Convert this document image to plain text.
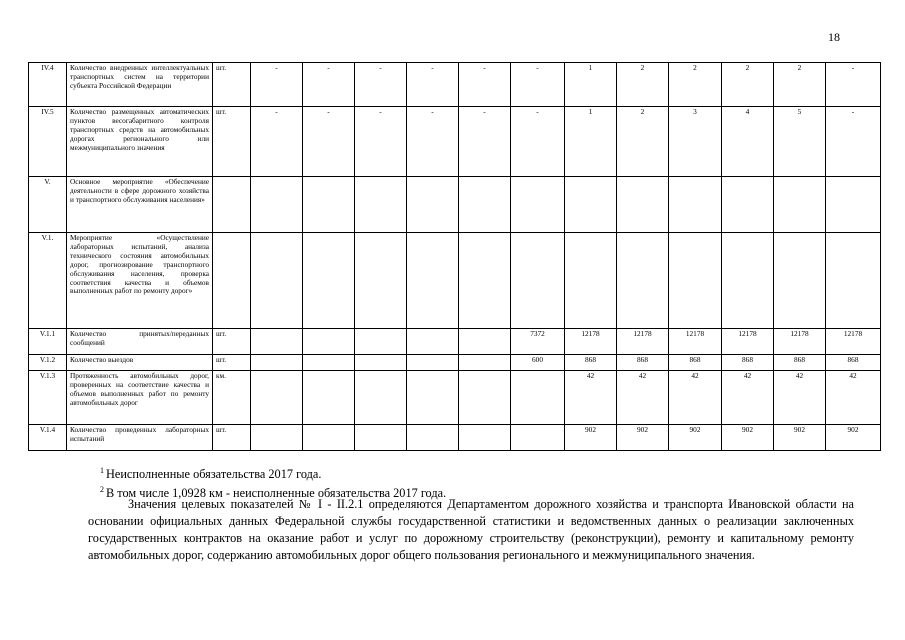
18
IV.4	Количество внедренных интеллектуальных транспортных систем на территории субъекта Российской Федерации	шт.	-	-	-	-	-	-	1	2	2	2	2	-
IV.5	Количество размещенных автоматических пунктов весогабаритного контроля транспортных средств на автомобильных дорогах регионального или межмуниципального значения	шт.	-	-	-	-	-	-	1	2	3	4	5	-
V.	Основное мероприятие «Обеспечение деятельности в сфере дорожного хозяйства и транспортного обслуживания населения»													
V.1.	Мероприятие «Осуществление лабораторных испытаний, анализа технического состояния автомобильных дорог, прогнозирование транспортного обслуживания населения, проверка соответствия качества и объемов выполненных работ по ремонту дорог»													
V.1.1	Количество принятых/переданных сообщений	шт.						7372	12178	12178	12178	12178	12178	12178
V.1.2	Количество выездов	шт.						600	868	868	868	868	868	868
V.1.3	Протяженность автомобильных дорог, проверенных на соответствие качества и объемов выполненных работ по ремонту автомобильных дорог	км.							42	42	42	42	42	42
V.1.4	Количество проведенных лабораторных испытаний	шт.							902	902	902	902	902	902
$^1$ Неисполненные обязательства 2017 года.
$^2$ В том числе 1,0928 км - неисполненные обязательства 2017 года.
Значения целевых показателей № I - II.2.1 определяются Департаментом дорожного хозяйства и транспорта Ивановской области на основании официальных данных Федеральной службы государственной статистики и ведомственных данных о реализации заключенных государственных контрактов на оказание работ и услуг по дорожному строительству (реконструкции), ремонту и капитальному ремонту автомобильных дорог, содержанию автомобильных дорог общего пользования регионального и межмуниципального значения.
